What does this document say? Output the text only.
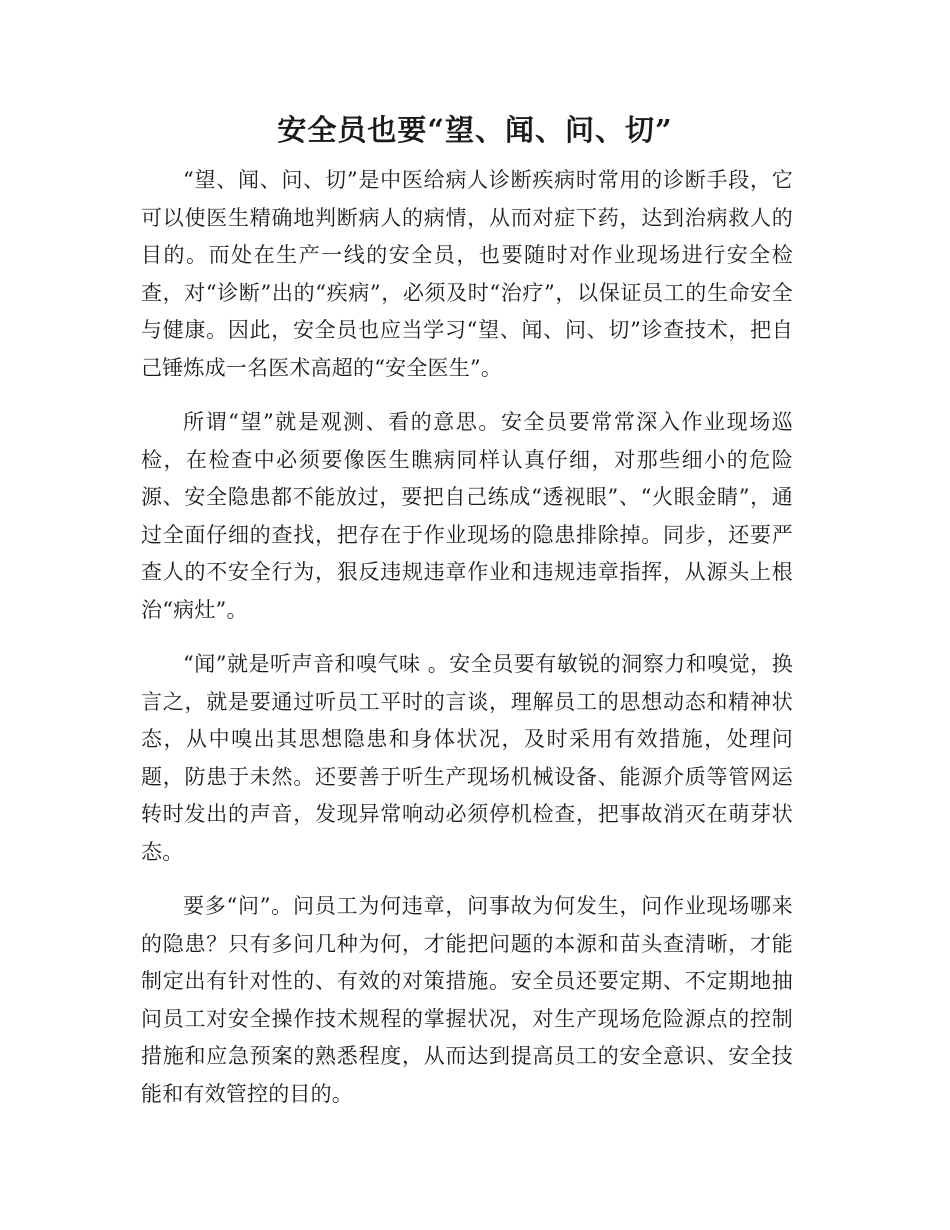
安全员也要“望、闻、问、切”

“望、闻、问、切”是中医给病人诊断疾病时常用的诊断手段，它可以使医生精确地判断病人的病情，从而对症下药，达到治病救人的目的。而处在生产一线的安全员，也要随时对作业现场进行安全检查，对“诊断”出的“疾病”，必须及时“治疗”，以保证员工的生命安全与健康。因此，安全员也应当学习“望、闻、问、切”诊查技术，把自己锤炼成一名医术高超的“安全医生”。

所谓“望”就是观测、看的意思。安全员要常常深入作业现场巡检，在检查中必须要像医生瞧病同样认真仔细，对那些细小的危险源、安全隐患都不能放过，要把自己练成“透视眼”、“火眼金睛”，通过全面仔细的查找，把存在于作业现场的隐患排除掉。同步，还要严查人的不安全行为，狠反违规违章作业和违规违章指挥，从源头上根治“病灶”。

“闻”就是听声音和嗅气味 。安全员要有敏锐的洞察力和嗅觉，换言之，就是要通过听员工平时的言谈，理解员工的思想动态和精神状态，从中嗅出其思想隐患和身体状况，及时采用有效措施，处理问题，防患于未然。还要善于听生产现场机械设备、能源介质等管网运转时发出的声音，发现异常响动必须停机检查，把事故消灭在萌芽状态。

要多“问”。问员工为何违章，问事故为何发生，问作业现场哪来的隐患？只有多问几种为何，才能把问题的本源和苗头查清晰，才能制定出有针对性的、有效的对策措施。安全员还要定期、不定期地抽问员工对安全操作技术规程的掌握状况，对生产现场危险源点的控制措施和应急预案的熟悉程度，从而达到提高员工的安全意识、安全技能和有效管控的目的。
